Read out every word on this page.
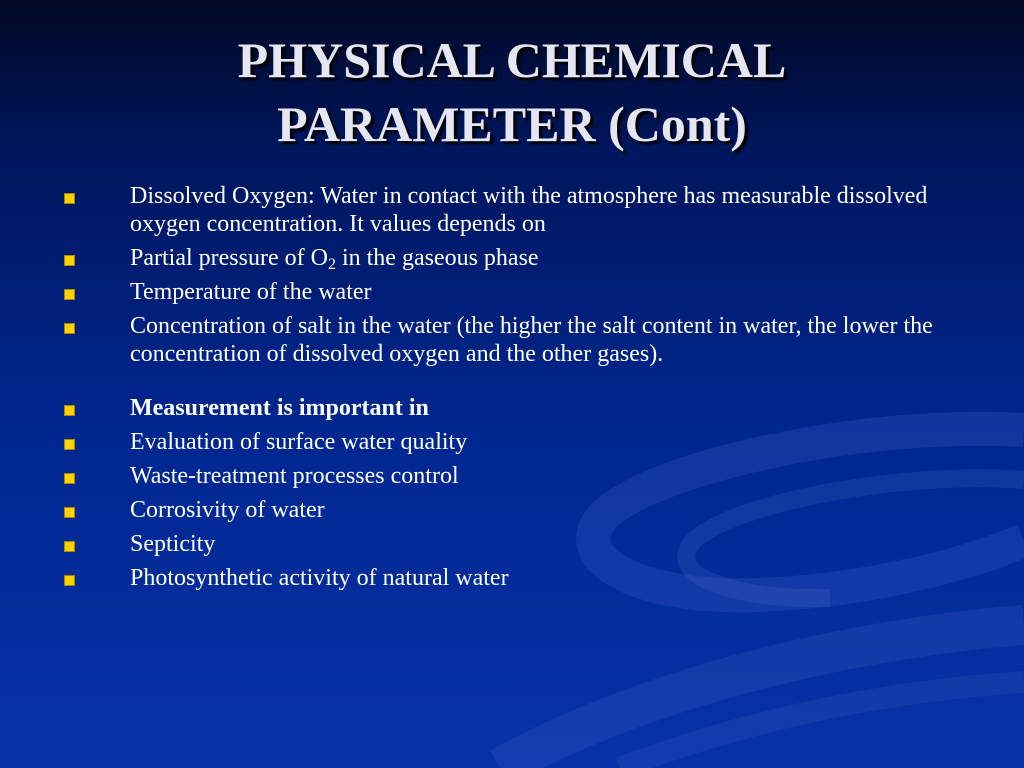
PHYSICAL CHEMICAL
PARAMETER (Cont)
Dissolved Oxygen: Water in contact with the atmosphere has measurable dissolved oxygen concentration. It values depends on
Partial pressure of $O_2$ in the gaseous phase
Temperature of the water
Concentration of salt in the water (the higher the salt content in water, the lower the concentration of dissolved oxygen and the other gases).
Measurement is important in
Evaluation of surface water quality
Waste-treatment processes control
Corrosivity of water
Septicity
Photosynthetic activity of natural water
